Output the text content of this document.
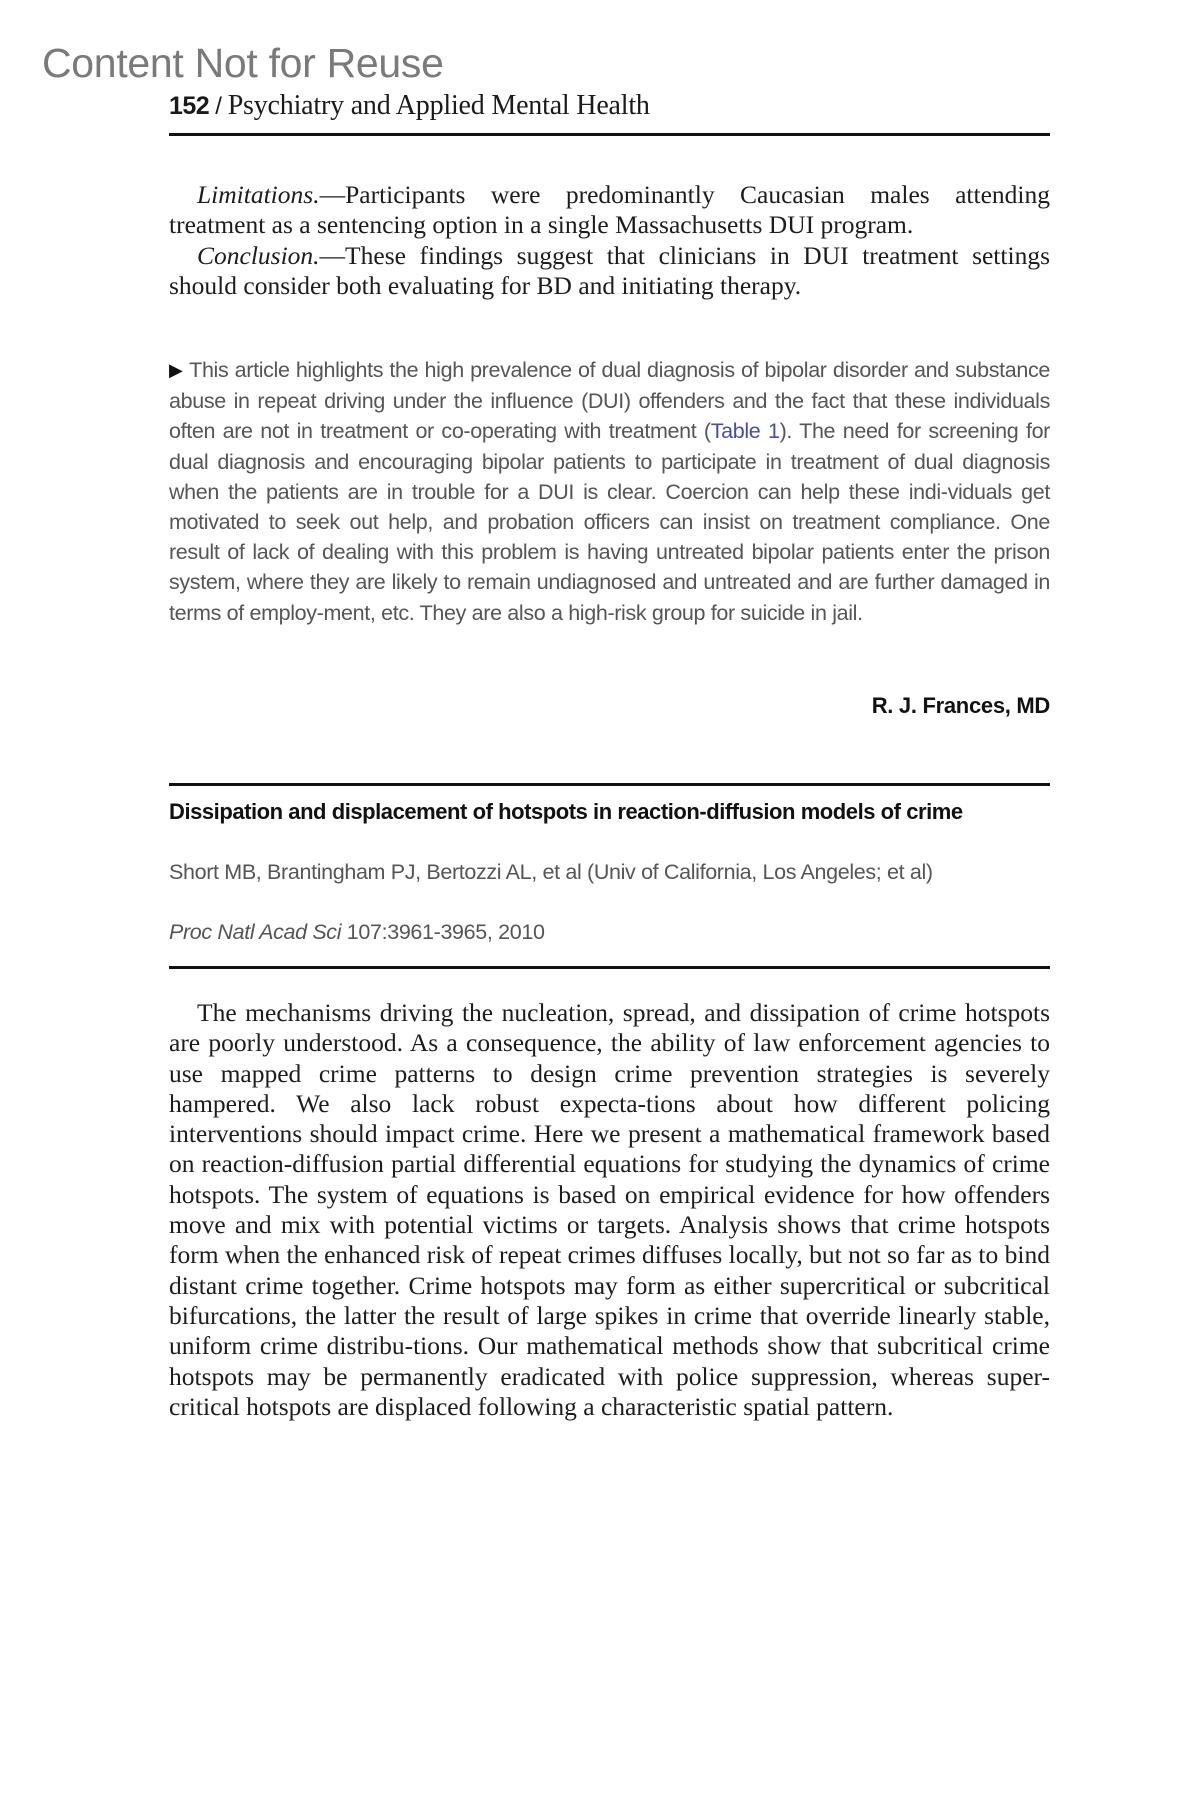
Content Not for Reuse
152 / Psychiatry and Applied Mental Health

Limitations.—Participants were predominantly Caucasian males attending treatment as a sentencing option in a single Massachusetts DUI program.

Conclusion.—These findings suggest that clinicians in DUI treatment settings should consider both evaluating for BD and initiating therapy.

▶ This article highlights the high prevalence of dual diagnosis of bipolar disorder and substance abuse in repeat driving under the influence (DUI) offenders and the fact that these individuals often are not in treatment or co-operating with treatment (Table 1). The need for screening for dual diagnosis and encouraging bipolar patients to participate in treatment of dual diagnosis when the patients are in trouble for a DUI is clear. Coercion can help these indi-viduals get motivated to seek out help, and probation officers can insist on treatment compliance. One result of lack of dealing with this problem is having untreated bipolar patients enter the prison system, where they are likely to remain undiagnosed and untreated and are further damaged in terms of employ-ment, etc. They are also a high-risk group for suicide in jail.
R. J. Frances, MD
Dissipation and displacement of hotspots in reaction-diffusion models of crime
Short MB, Brantingham PJ, Bertozzi AL, et al (Univ of California, Los Angeles; et al)
Proc Natl Acad Sci 107:3961-3965, 2010

The mechanisms driving the nucleation, spread, and dissipation of crime hotspots are poorly understood. As a consequence, the ability of law enforcement agencies to use mapped crime patterns to design crime prevention strategies is severely hampered. We also lack robust expecta-tions about how different policing interventions should impact crime. Here we present a mathematical framework based on reaction-diffusion partial differential equations for studying the dynamics of crime hotspots. The system of equations is based on empirical evidence for how offenders move and mix with potential victims or targets. Analysis shows that crime hotspots form when the enhanced risk of repeat crimes diffuses locally, but not so far as to bind distant crime together. Crime hotspots may form as either supercritical or subcritical bifurcations, the latter the result of large spikes in crime that override linearly stable, uniform crime distribu-tions. Our mathematical methods show that subcritical crime hotspots may be permanently eradicated with police suppression, whereas super-critical hotspots are displaced following a characteristic spatial pattern.
